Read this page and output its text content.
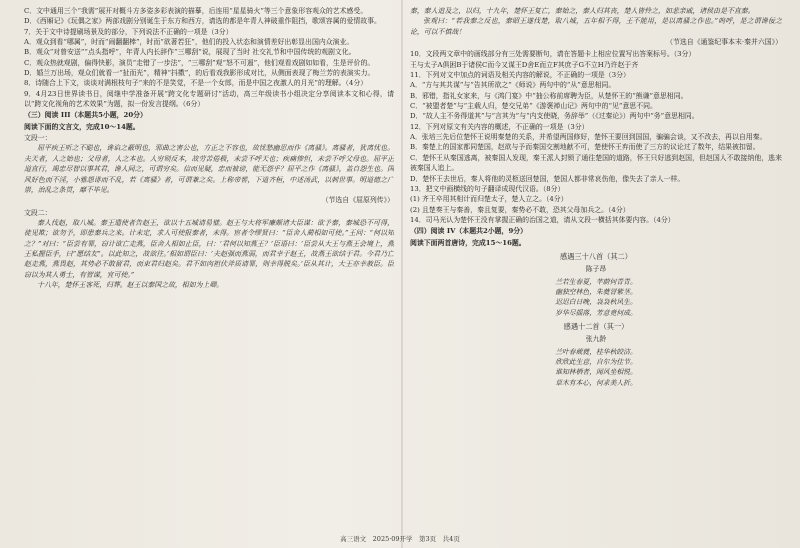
C．文中通用三个“我需”展开对概斗方多姿多彩表演的描摹，后连用“星星骑火”等三个意象形容观众的艺术感受。

D．《西厢记》《玩偶之家》两部戏剧分别诞生于东方和西方，请选的都是年青人神破重作阻挡，歌颂容属的爱情故事。

7．关于文中诗提刷场景及的部分，下列说法不正确的一项是（3分）

A．观众到看“哪属”，时而“闹翻翻棒”，时而“欲著若狂”，他们的投入状态和演情差好出彰显出国内众演业。

B．观众“对曾安送”“点头指呼”，年青人内长辞作“三哪刮”说，展现了当时 社交礼节和中国传统的观剧文化。

C．观众热就观剧，偏得快影，演员“走错了一步法”，“三哪刮”观“怒不可遏”，他们观看戏剧如如看，生是评价的。

D．婚兰万出场，观众们就看一“扯而光”，精神“抖擞”，的后看戏我影形成对比，从侧面表现了梅兰芳的表演实力。

8．诗随合上下文，谈谈对满根枝句子“来的不是笑觉，不是一个女郎，而是中国之夜激人的月光”的理解。（4分）

9．4月23日世界读书日，阅继中学准备开展“跨文化专题研讨”活动，高三年级读书小组决定分享阅读本文和心得，请以“跨文化视角的艺术效果”为题，拟一份发言提纲。（6分）

（三）阅读 III（本题共5小题，20分）

阅读下面的文言文，完成10～14题。

文段一：

屈平疾王听之不聪也，谗谄之蔽明也，邪曲之害公也，方正之不容也，故忧愁幽思而作《离骚》。离骚者，犹离忧也。夫天者，人之始也；父母者，人之本也。人穷则反本，故劳苦倦极，未尝不呼天也；疾痛惨怛，未尝不呼父母也。屈平正道直行，竭忠尽智以事其君，谗人间之，可谓穷矣。信而见疑，忠而被谤，能无怨乎？屈平之作《离骚》，盖自怨生也。国风好色而不淫，小雅怨诽而不乱，若《离骚》者，可谓兼之矣。上称帝喾，下道齐桓，中述汤武，以刺世事。明道德之广崇，治乱之条贯，靡不毕见。

（节选自《屈原列传》）

文段二：

秦人伐赵，取八城。秦王遣使者告赵王，欲以十五城请易璧。赵王与大将军廉颇诸大臣谋：欲予秦，秦城恐不可得，徒见欺；欲勿予，即患秦兵之来。计未定，求人可使报秦者，未得。宦者令缪贤曰：“臣舍人蔺相如可使。”王问：“何以知之？”对曰：“臣尝有罪，窃计欲亡走燕，臣舍人相如止臣，曰：‘君何以知燕王？’臣语曰：‘臣尝从大王与燕王会境上，燕王私握臣手，曰“愿结友”。以此知之，故欲往。’相如谓臣曰：‘夫赵强而燕弱，而君幸于赵王，故燕王欲结于君。今君乃亡赵走燕，燕畏赵，其势必不敢留君，而束君归赵矣。君不如肉袒伏斧质请罪，则幸得脱矣。’臣从其计，大王亦幸赦臣。臣窃以为其人勇士，有智谋，宜可使。”

十八年，楚怀王客死，归葬。赵王以秦国之故，相如为上卿。

秦，秦人追及之，以归，十九年，楚怀王复亡，秦始之，秦人归其丧，楚人皆怜之，如悲亲戚，诸侯由是不直秦。

张观曰：“若我秦之反也，秦昭王遂伐楚，取八城，五年相不得，王不能用，是以离骚之作也。”呜呼，是之谓谗佞之论，可以不慎哉！

（节选自《通鉴纪事本末·秦并六国》）

10．文段两文章中的画线部分有三处需要断句，请在答题卡上相应位置写出答案标号。（3分）

王与太子A俱困B于诸侯C而今又谋王D舍E而立F其庶子G不立H乃许赵于齐

11．下列对文中加点的词语及相关内容的解说，不正确的一项是（3分）

A．“方与其共谋”与“告其所欲之”《师说》两句中的“从”意思相同。

B．邪错，指礼女家来，与《鸿门宴》中“抽公称前席聘为臣，从楚怀王的“熊谦”意思相同。

C．“被盟者楚”与“主载人归，楚交兄弟”《游褒禅山记》两句中的“见”意思不同。

D．“故人主不务得道其”与“言其为”与“内支使晓，务辞举”（《过秦论》）两句中“务”意思相同。

12．下列对原文有关内容的概述，不正确的一项是（3分）

A．张培三先后位楚怀王说明秦楚的关系，并希望两国修好，楚怀王要回到国国，骗骗会谈，又不改去，再以自用秦。

B．秦楚上的国家都同楚国，赵欲与予而秦国交割地献不可，楚使怀王弃而使了三方的议论过了数年，结果被扣留。

C．楚怀王从秦国逃离，被秦国人发现，秦王派人封锁了通往楚国的道路，怀王只好逃到赵国，但赵国人不敢接纳他，逃来被秦国人追上。

D．楚怀王去世后，秦人将他的灵柩送回楚国，楚国人都非常哀伤他，像失去了亲人一样。

13．把文中画横线的句子翻译成现代汉语。（8分）

(1) 齐王卒用其相计而归楚太子，楚人立之。（4分）

(2) 且楚奏王与秦善，秦且复要，秦势必不敢，恐其父母加兵之。（4分）

14．司马光认为楚怀王没有掌握正确的治国之道，请从文段一横括其体要内容。（4分）

（四）阅读 IV（本题共2小题，9分）

阅读下面两首唐诗，完成15～16题。

感遇三十八首（其二）

陈子昂

兰若生春夏，芊蔚何青青。

幽独空林色，朱蕤冒紫茎。

迟迟白日晚，袅袅秋风生。

岁华尽摇落，芳意竟何成。

感遇十二首（其一）

张九龄

兰叶春葳蕤，桂华秋皎洁。

欣欣此生意，自尔为佳节。

谁知林栖者，闻风坐相悦。

草木有本心，何求美人折。

高三语文　2025·09开学　第3页　共4页
